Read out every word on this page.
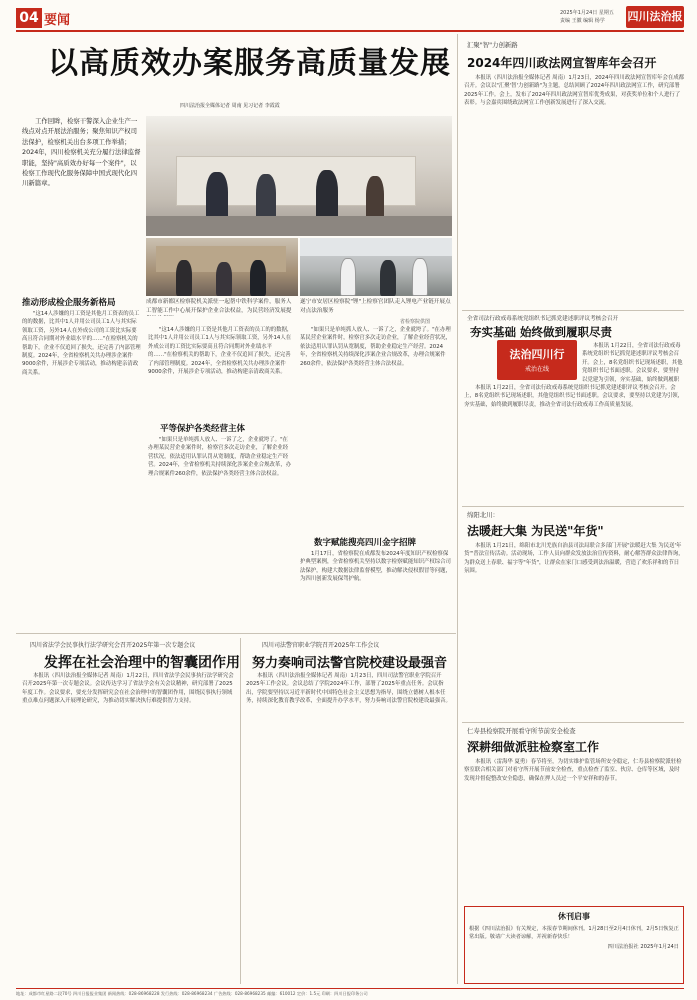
04 要闻	2025年1月24日 星期五
责编 王徽 编辑 杨学	四川法治报
以高质效办案服务高质量发展
四川法治报全媒体记者 周南 见习记者 李霞霞
工作回眸，检察干警深入企业生产一线点对点开展法治服务；聚焦知识产权司法保护，检察机关出台多项工作举措；2024年，四川检察机关充分履行法律监督职能，坚持"高质效办好每一个案件"，以检察工作现代化服务保障中国式现代化四川新篇章。
成都市新都区检察院机关派驻一起帮中铁科学案件，服务人工智能工作中心展开保护企业合法权益，为民营经济发展提
遂宁市安居区检察院"锂"上检察官团队走入锂电产业链开展点对点法治服务
省检察院供图
推动形成检企服务新格局
"这14人涉嫌的月工资是其他月工资表的员工的的数据，比其中1人并用公司员工1人与其实际领取工资，另外14人在外成公司的工资比实际要高且符合同期对外业绩水平的……"在检察机关的帮助下，企业不仅追回了损失，还完善了内部管理制度。2024年，全省检察机关共办理涉企案件9000余件，开展涉企专项活动，推动构建亲清政商关系。
"这14人涉嫌的月工资是其他月工资表的员工的的数据，比其中1人并用公司员工1人与其实际领取工资，另外14人在外成公司的工资比实际要高且符合同期对外业绩水平的……"在检察机关的帮助下，企业不仅追回了损失，还完善了内部管理制度。2024年，全省检察机关共办理涉企案件9000余件，开展涉企专项活动，推动构建亲清政商关系。
平等保护各类经营主体
"如果只是单纯抓人放人、一诉了之，企业就垮了。"在办理某民营企业案件时，检察官多次走访企业，了解企业经营状况，依法适用认罪认罚从宽制度，帮助企业稳定生产经营。2024年，全省检察机关持续深化涉案企业合规改革，办理合规案件260余件，依法保护各类经营主体合法权益。
"如果只是单纯抓人放人、一诉了之，企业就垮了。"在办理某民营企业案件时，检察官多次走访企业，了解企业经营状况，依法适用认罪认罚从宽制度，帮助企业稳定生产经营。2024年，全省检察机关持续深化涉案企业合规改革，办理合规案件260余件，依法保护各类经营主体合法权益。
数字赋能搜亮四川金字招牌
1月17日，省检察院在成都发布2024年度知识产权检察保护典型案例，全省检察机关坚持以数字检察赋能知识产权综合司法保护，构建大数据法律监督模型，推动解决侵权假冒等问题，为四川创新发展保驾护航。
四川省法学会民事执行法学研究会召开2025年第一次专题会议
发挥在社会治理中的智囊团作用
本报讯（四川法治报全媒体记者 周南）1月22日，四川省法学会民事执行法学研究会召开2025年第一次专题会议。会议传达学习了省法学会有关会议精神，研究部署了2025年度工作。会议要求，要充分发挥研究会在社会治理中的智囊团作用，围绕民事执行领域重点难点问题深入开展理论研究，为推动切实解决执行难提供智力支持。
四川司法警官职业学院召开2025年工作会议
努力奏响司法警官院校建设最强音
本报讯（四川法治报全媒体记者 周南）1月23日，四川司法警官职业学院召开2025年工作会议。会议总结了学院2024年工作，部署了2025年重点任务。会议指出，学院要坚持以习近平新时代中国特色社会主义思想为指导，围绕立德树人根本任务，持续深化教育教学改革，全面提升办学水平，努力奏响司法警官院校建设最强音。
汇聚"智"力创新路
2024年四川政法网宣智库年会召开
本报讯（四川法治报全媒体记者 周南）1月23日，2024年四川政法网宣智库年会在成都召开。会议以"汇聚'智'力创新路"为主题，总结回顾了2024年四川政法网宣工作，研究部署2025年工作。会上，发布了2024年四川政法网宣智库优秀成果，对获奖单位和个人进行了表彰。与会嘉宾围绕政法网宣工作创新发展进行了深入交流。
全省司法行政戒毒系统党组织书记抓党建述职评议考核会召开
夯实基础 始终做到履职尽责
法治四川行
戒治在线
本报讯 1月22日，全省司法行政戒毒系统党组织书记抓党建述职评议考核会召开。会上，8名党组织书记现场述职，其他党组织书记书面述职。会议要求，要坚持以党建为引领，夯实基础，始终做到履职
本报讯 1月22日，全省司法行政戒毒系统党组织书记抓党建述职评议考核会召开。会上，8名党组织书记现场述职，其他党组织书记书面述职。会议要求，要坚持以党建为引领，夯实基础，始终做到履职尽责，推动全省司法行政戒毒工作高质量发展。
绵阳北川：
法暖赶大集 为民送"年货"
本报讯 1月21日，绵阳市北川羌族自治县司法局联合多部门开展"法暖赶大集 为民送'年货'"普法宣传活动。活动现场，工作人员向群众发放法治宣传资料，耐心解答群众法律咨询，为群众送上春联、福字等"年货"，让群众在家门口感受到法治温暖，营造了欢乐祥和的节日氛围。
仁寿县检察院开展看守所节前安全检查
深耕细做派驻检察室工作
本报讯（雷海华 夏勇）春节将至，为切实维护监管场所安全稳定，仁寿县检察院派驻检察室联合相关部门对看守所开展节前安全检查，重点检查了监室、伙房、仓库等区域，及时发现并督促整改安全隐患，确保在押人员过一个平安祥和的春节。
休刊启事
根据《四川法治报》有关规定，本报春节期间休刊。1月28日至2月4日休刊，2月5日恢复正常出版。敬请广大读者谅解，并祝新春快乐！
四川法治报社 2025年1月24日
地址：成都市红星路二段70号 四川日报报业集团 新闻热线：028-86968228 发行热线：028-86968234 广告热线：028-86968235 邮编：610012 定价：1.5元 印刷：四川日报印务公司
